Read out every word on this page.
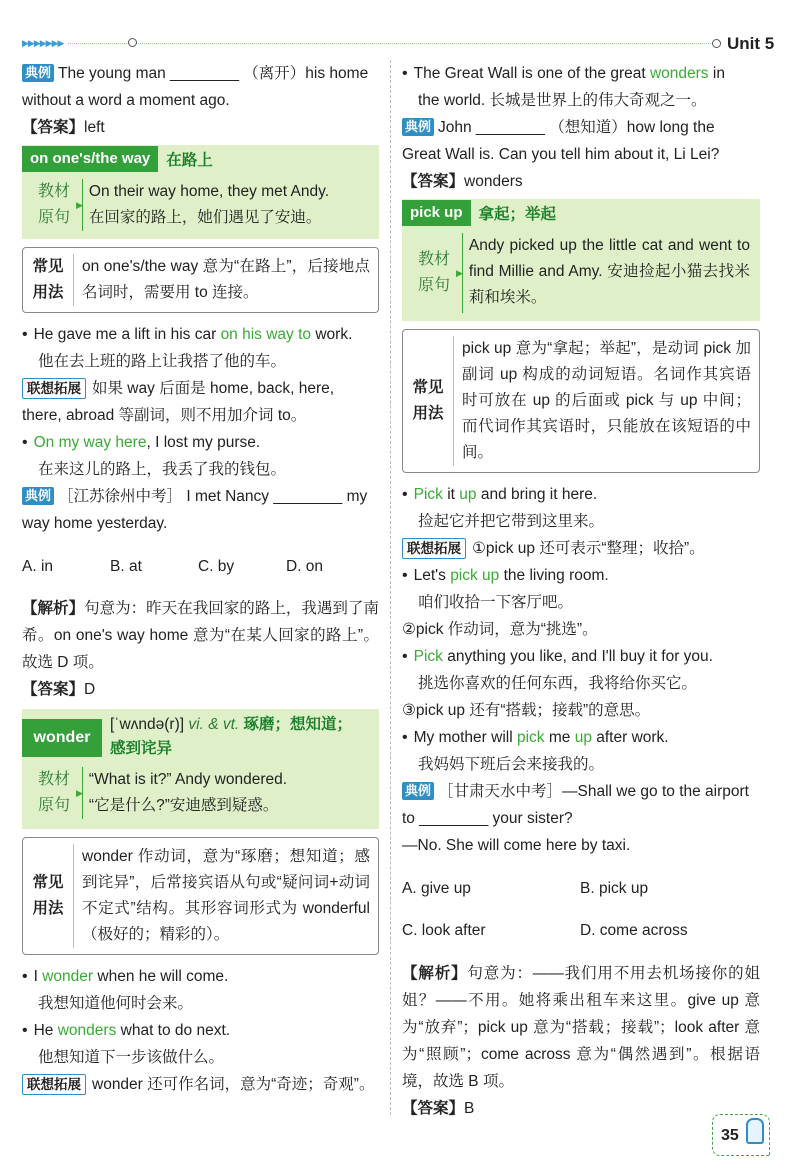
▶▶▶▶▶▶▶	Unit 5

典例 The young man ________ （离开）his home

without a word a moment ago.

【答案】left

on one's/the way	在路上
教材
原句
▶
On their way home, they met Andy.
在回家的路上，她们遇见了安迪。
常见
用法
on one's/the way 意为“在路上”，后接地点名词时，需要用 to 连接。

• He gave me a lift in his car on his way to work.

他在去上班的路上让我搭了他的车。

联想拓展 如果 way 后面是 home, back, here,

there, abroad 等副词，则不用加介词 to。

• On my way here, I lost my purse.

在来这儿的路上，我丢了我的钱包。

典例 ［江苏徐州中考］ I met Nancy ________ my

way home yesterday.

A. in	B. at	C. by	D. on

【解析】句意为：昨天在我回家的路上，我遇到了南希。on one's way home 意为“在某人回家的路上”。故选 D 项。

【答案】D

wonder
[ˈwʌndə(r)] vi. & vt. 琢磨；想知道；
感到诧异
教材
原句
▶
“What is it?” Andy wondered.
“它是什么?”安迪感到疑惑。
常见
用法
wonder 作动词，意为“琢磨；想知道；感到诧异”，后常接宾语从句或“疑问词+动词不定式”结构。其形容词形式为 wonderful（极好的；精彩的）。

• I wonder when he will come.

我想知道他何时会来。

• He wonders what to do next.

他想知道下一步该做什么。

联想拓展 wonder 还可作名词，意为“奇迹；奇观”。

• The Great Wall is one of the great wonders in

the world. 长城是世界上的伟大奇观之一。

典例 John ________ （想知道）how long the

Great Wall is. Can you tell him about it, Li Lei?

【答案】wonders

pick up	拿起；举起
教材
原句
▶
Andy picked up the little cat and went to find Millie and Amy. 安迪捡起小猫去找米莉和埃米。
常见
用法
pick up 意为“拿起；举起”，是动词 pick 加副词 up 构成的动词短语。名词作其宾语时可放在 up 的后面或 pick 与 up 中间；而代词作其宾语时，只能放在该短语的中间。

• Pick it up and bring it here.

捡起它并把它带到这里来。

联想拓展 ①pick up 还可表示“整理；收拾”。

• Let's pick up the living room.

咱们收拾一下客厅吧。

②pick 作动词，意为“挑选”。

• Pick anything you like, and I'll buy it for you.

挑选你喜欢的任何东西，我将给你买它。

③pick up 还有“搭载；接载”的意思。

• My mother will pick me up after work.

我妈妈下班后会来接我的。

典例 ［甘肃天水中考］—Shall we go to the airport

to ________ your sister?

—No. She will come here by taxi.

A. give up	B. pick up

C. look after	D. come across

【解析】句意为：——我们用不用去机场接你的姐姐？——不用。她将乘出租车来这里。give up 意为“放弃”；pick up 意为“搭载；接载”；look after 意为“照顾”；come across 意为“偶然遇到”。根据语境，故选 B 项。

【答案】B

35
